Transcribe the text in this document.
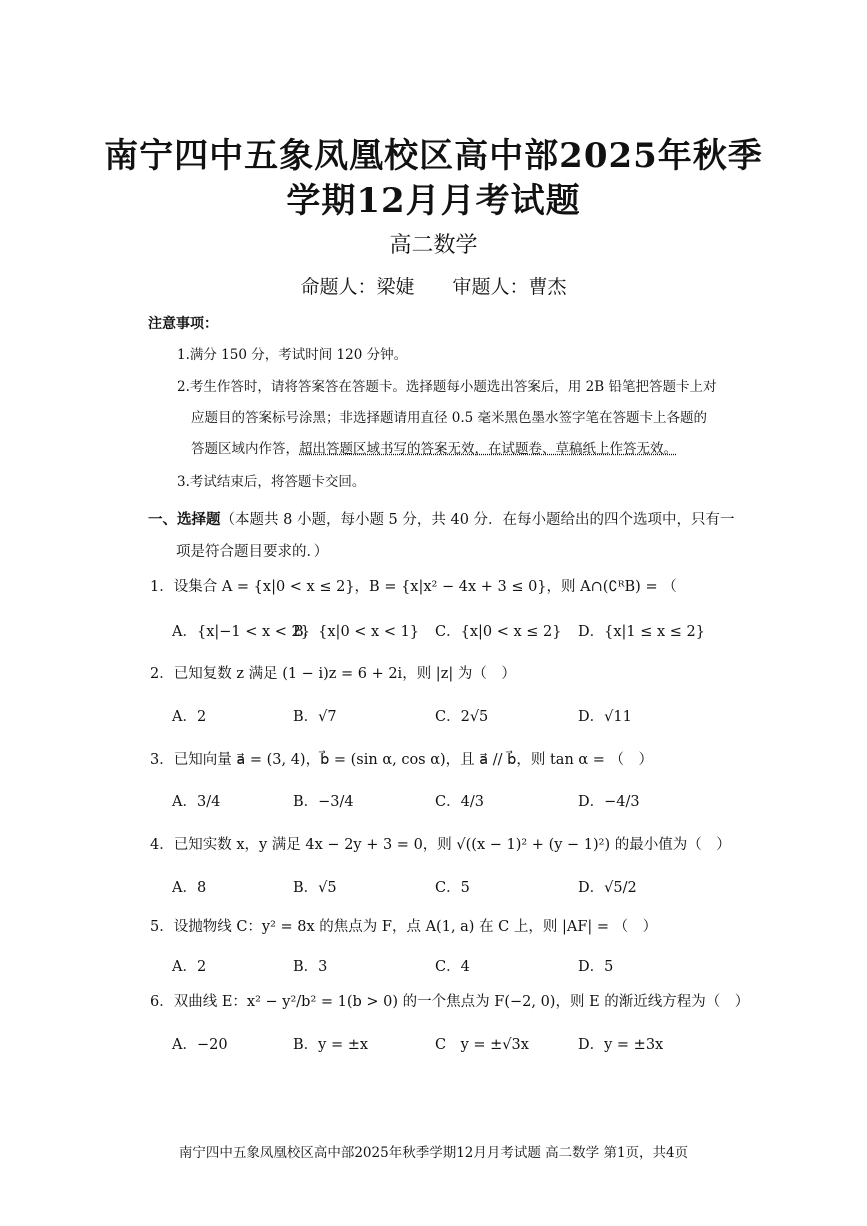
南宁四中五象凤凰校区高中部2025年秋季
学期12月月考试题
高二数学
命题人：梁婕　　审题人：曹杰
注意事项：
1.满分 150 分，考试时间 120 分钟。
2.考生作答时，请将答案答在答题卡。选择题每小题选出答案后，用 2B 铅笔把答题卡上对
应题目的答案标号涂黑；非选择题请用直径 0.5 毫米黑色墨水签字笔在答题卡上各题的
答题区域内作答，超出答题区域书写的答案无效，在试题卷、草稿纸上作答无效。
3.考试结束后，将答题卡交回。
一、选择题（本题共 8 小题，每小题 5 分，共 40 分．在每小题给出的四个选项中，只有一
项是符合题目要求的．）
1．设集合 A = {x|0 < x ≤ 2}，B = {x|x² − 4x + 3 ≤ 0}，则 A∩(∁ᴿB) = （
A．{x|−1 < x < 2}
B．{x|0 < x < 1} C．{x|0 < x ≤ 2} D．{x|1 ≤ x ≤ 2}
2．已知复数 z 满足 (1 − i)z = 6 + 2i，则 |z| 为（　）
A．2	B．√7	C．2√5	D．√11
3．已知向量 a⃗ = (3, 4)，b⃗ = (sin α, cos α)，且 a⃗ // b⃗，则 tan α = （　）
A．3/4	B．−3/4	C．4/3	D．−4/3
4．已知实数 x，y 满足 4x − 2y + 3 = 0，则 √((x − 1)² + (y − 1)²) 的最小值为（　）
A．8	B．√5	C．5	D．√5/2
5．设抛物线 C：y² = 8x 的焦点为 F，点 A(1, a) 在 C 上，则 |AF| = （　）
A．2	B．3	C．4	D．5
6．双曲线 E：x² − y²/b² = 1(b > 0) 的一个焦点为 F(−2, 0)，则 E 的渐近线方程为（　）
A．−20	B．y = ±x	C　y = ±√3x	D．y = ±3x
南宁四中五象凤凰校区高中部2025年秋季学期12月月考试题 高二数学 第1页，共4页
